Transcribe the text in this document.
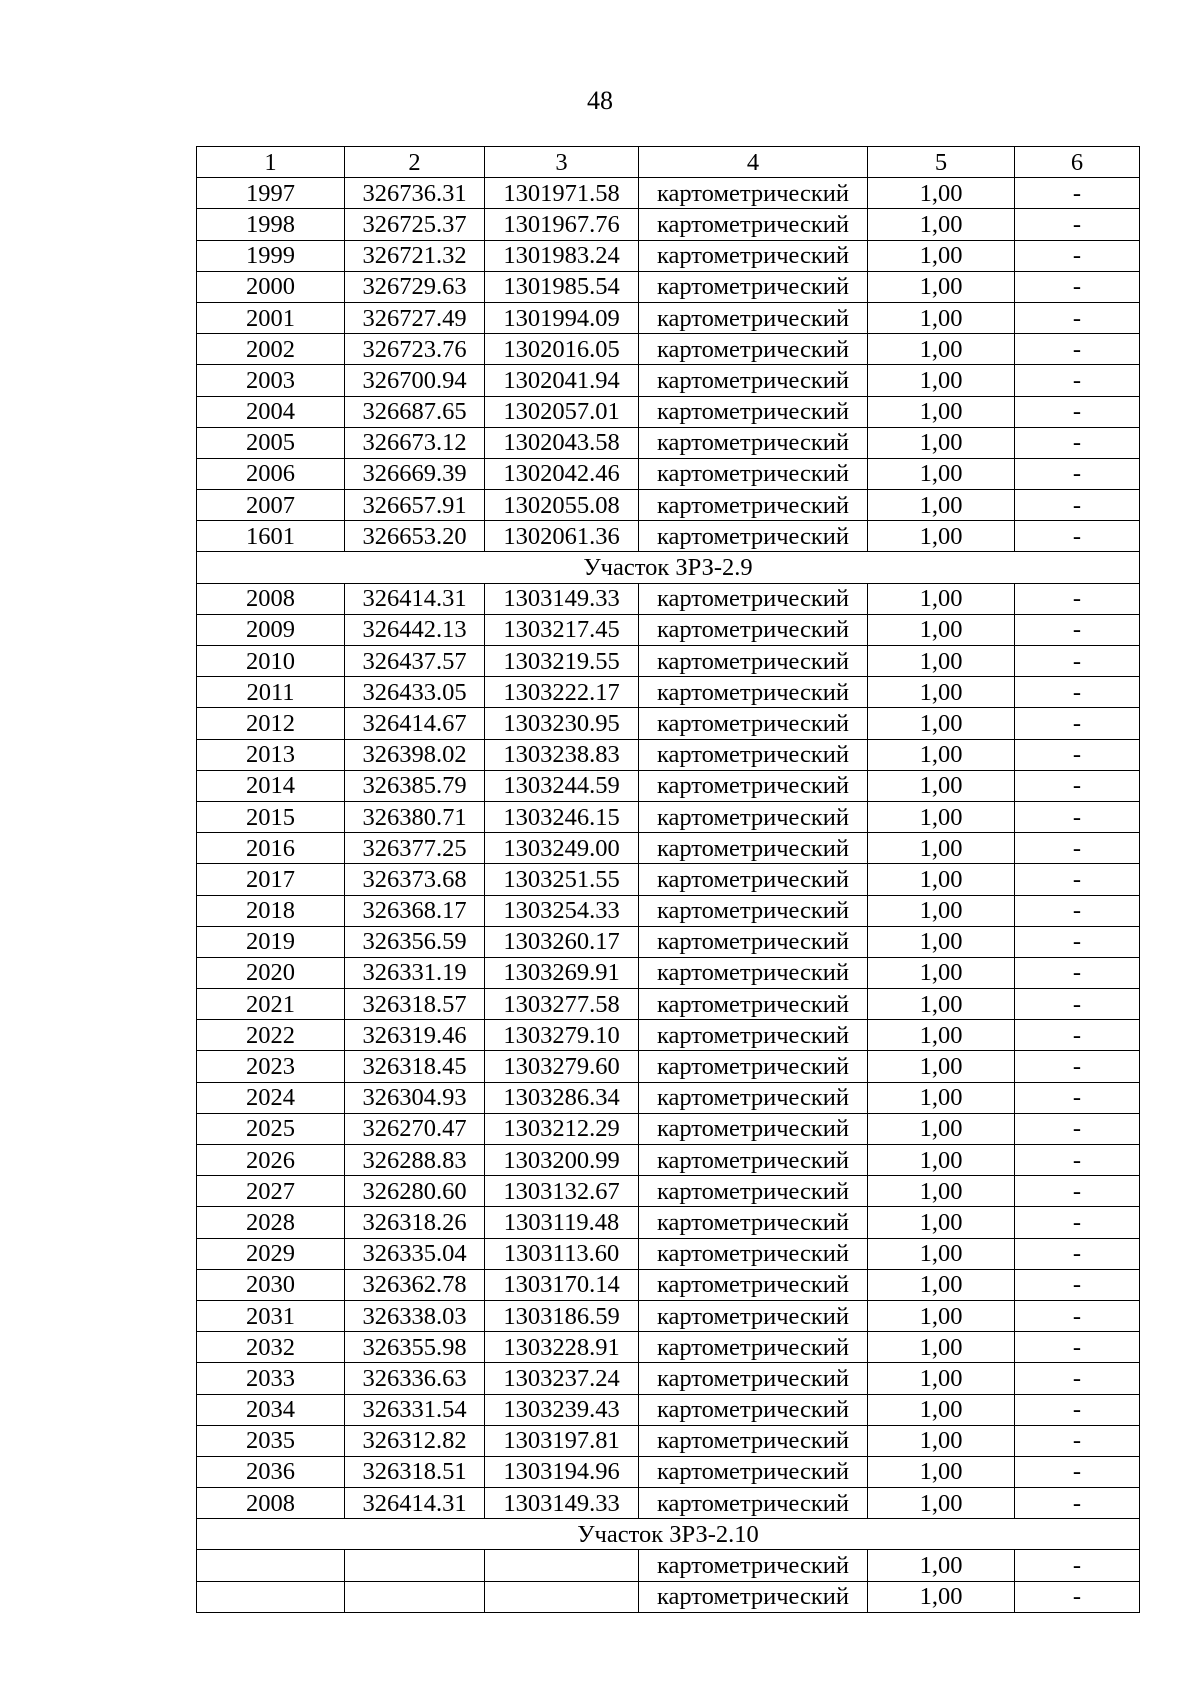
48
1	2	3	4	5	6
1997	326736.31	1301971.58	картометрический	1,00	-
1998	326725.37	1301967.76	картометрический	1,00	-
1999	326721.32	1301983.24	картометрический	1,00	-
2000	326729.63	1301985.54	картометрический	1,00	-
2001	326727.49	1301994.09	картометрический	1,00	-
2002	326723.76	1302016.05	картометрический	1,00	-
2003	326700.94	1302041.94	картометрический	1,00	-
2004	326687.65	1302057.01	картометрический	1,00	-
2005	326673.12	1302043.58	картометрический	1,00	-
2006	326669.39	1302042.46	картометрический	1,00	-
2007	326657.91	1302055.08	картометрический	1,00	-
1601	326653.20	1302061.36	картометрический	1,00	-
Участок ЗРЗ-2.9					
2008	326414.31	1303149.33	картометрический	1,00	-
2009	326442.13	1303217.45	картометрический	1,00	-
2010	326437.57	1303219.55	картометрический	1,00	-
2011	326433.05	1303222.17	картометрический	1,00	-
2012	326414.67	1303230.95	картометрический	1,00	-
2013	326398.02	1303238.83	картометрический	1,00	-
2014	326385.79	1303244.59	картометрический	1,00	-
2015	326380.71	1303246.15	картометрический	1,00	-
2016	326377.25	1303249.00	картометрический	1,00	-
2017	326373.68	1303251.55	картометрический	1,00	-
2018	326368.17	1303254.33	картометрический	1,00	-
2019	326356.59	1303260.17	картометрический	1,00	-
2020	326331.19	1303269.91	картометрический	1,00	-
2021	326318.57	1303277.58	картометрический	1,00	-
2022	326319.46	1303279.10	картометрический	1,00	-
2023	326318.45	1303279.60	картометрический	1,00	-
2024	326304.93	1303286.34	картометрический	1,00	-
2025	326270.47	1303212.29	картометрический	1,00	-
2026	326288.83	1303200.99	картометрический	1,00	-
2027	326280.60	1303132.67	картометрический	1,00	-
2028	326318.26	1303119.48	картометрический	1,00	-
2029	326335.04	1303113.60	картометрический	1,00	-
2030	326362.78	1303170.14	картометрический	1,00	-
2031	326338.03	1303186.59	картометрический	1,00	-
2032	326355.98	1303228.91	картометрический	1,00	-
2033	326336.63	1303237.24	картометрический	1,00	-
2034	326331.54	1303239.43	картометрический	1,00	-
2035	326312.82	1303197.81	картометрический	1,00	-
2036	326318.51	1303194.96	картометрический	1,00	-
2008	326414.31	1303149.33	картометрический	1,00	-
Участок ЗРЗ-2.10					
			картометрический	1,00	-
			картометрический	1,00	-
